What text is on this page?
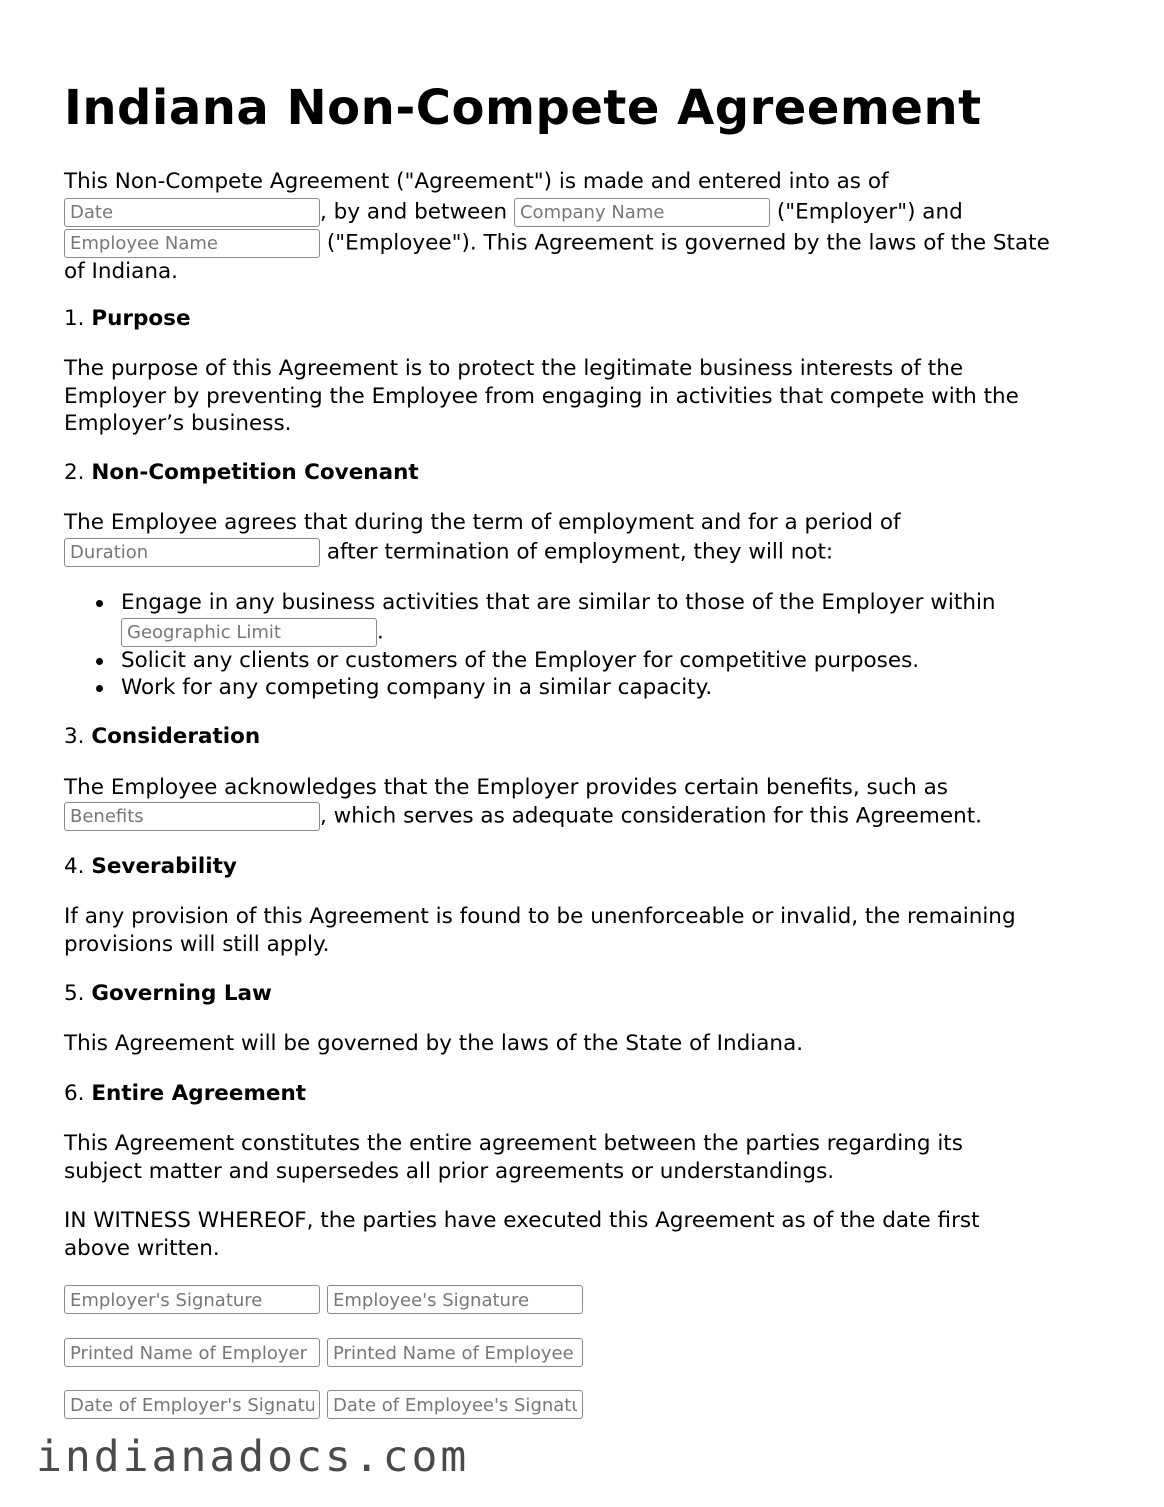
Indiana Non-Compete Agreement
This Non-Compete Agreement ("Agreement") is made and entered into as of
Date, by and between Company Name	("Employer") and
Employee Name ("Employee"). This Agreement is governed by the laws of the State
of Indiana.
1. Purpose
The purpose of this Agreement is to protect the legitimate business interests of the
Employer by preventing the Employee from engaging in activities that compete with the
Employer’s business.
2. Non-Competition Covenant
The Employee agrees that during the term of employment and for a period of
Duration after termination of employment, they will not:
Engage in any business activities that are similar to those of the Employer within
Geographic Limit.
Solicit any clients or customers of the Employer for competitive purposes.
Work for any competing company in a similar capacity.
3. Consideration
The Employee acknowledges that the Employer provides certain benefits, such as
Benefits, which serves as adequate consideration for this Agreement.
4. Severability
If any provision of this Agreement is found to be unenforceable or invalid, the remaining
provisions will still apply.
5. Governing Law
This Agreement will be governed by the laws of the State of Indiana.
6. Entire Agreement
This Agreement constitutes the entire agreement between the parties regarding its
subject matter and supersedes all prior agreements or understandings.
IN WITNESS WHEREOF, the parties have executed this Agreement as of the date first
above written.
Employer's Signature
Employee's Signature
Printed Name of Employer
Printed Name of Employee
Date of Employer's Signature
Date of Employee's Signature
indianadocs.com
